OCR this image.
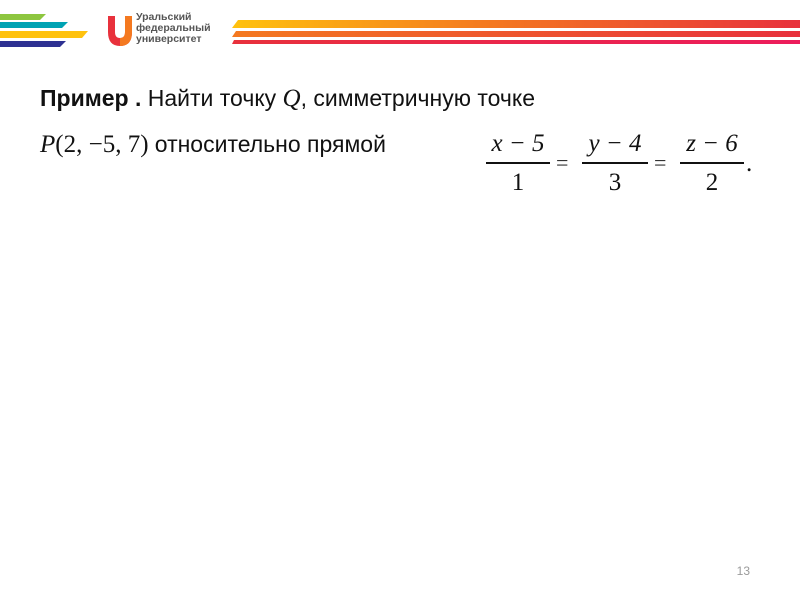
Уральский
федеральный
университет
Пример . Найти точку Q, симметричную точке
P(2, −5, 7) относительно прямой	x − 5
1
=
y − 4
3
=
z − 6
2
.
13
